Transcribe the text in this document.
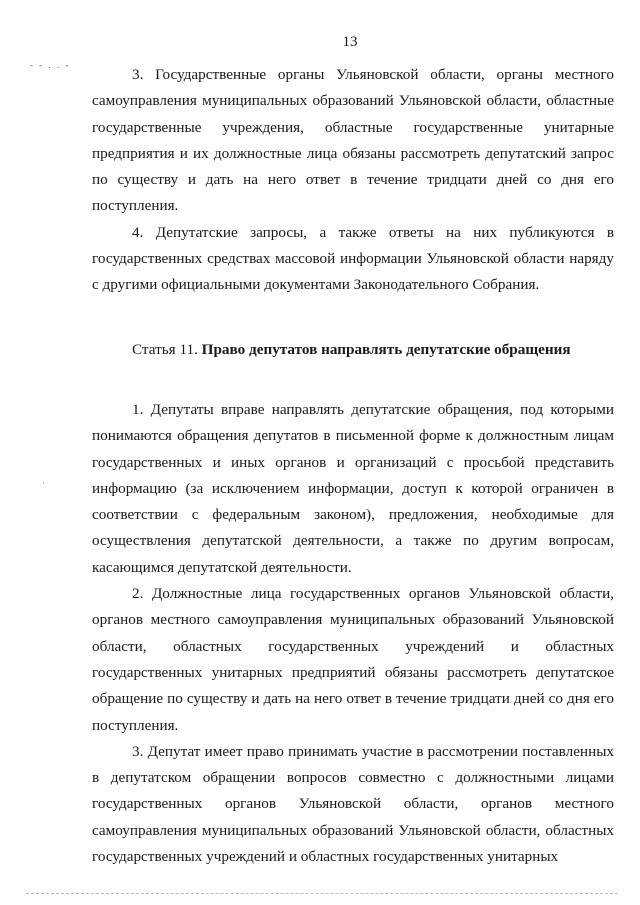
13
- - . . -
·

3. Государственные органы Ульяновской области, органы местного самоуправления муниципальных образований Ульяновской области, областные государственные учреждения, областные государственные унитарные предприятия и их должностные лица обязаны рассмотреть депутатский запрос по существу и дать на него ответ в течение тридцати дней со дня его поступления.

4. Депутатские запросы, а также ответы на них публикуются в государственных средствах массовой информации Ульяновской области наряду с другими официальными документами Законодательного Собрания.

Статья 11. Право депутатов направлять депутатские обращения

1. Депутаты вправе направлять депутатские обращения, под которыми понимаются обращения депутатов в письменной форме к должностным лицам государственных и иных органов и организаций с просьбой представить информацию (за исключением информации, доступ к которой ограничен в соответствии с федеральным законом), предложения, необходимые для осуществления депутатской деятельности, а также по другим вопросам, касающимся депутатской деятельности.

2. Должностные лица государственных органов Ульяновской области, органов местного самоуправления муниципальных образований Ульяновской области, областных государственных учреждений и областных государственных унитарных предприятий обязаны рассмотреть депутатское обращение по существу и дать на него ответ в течение тридцати дней со дня его поступления.

3. Депутат имеет право принимать участие в рассмотрении поставленных в депутатском обращении вопросов совместно с должностными лицами государственных органов Ульяновской области, органов местного самоуправления муниципальных образований Ульяновской области, областных государственных учреждений и областных государственных унитарных
